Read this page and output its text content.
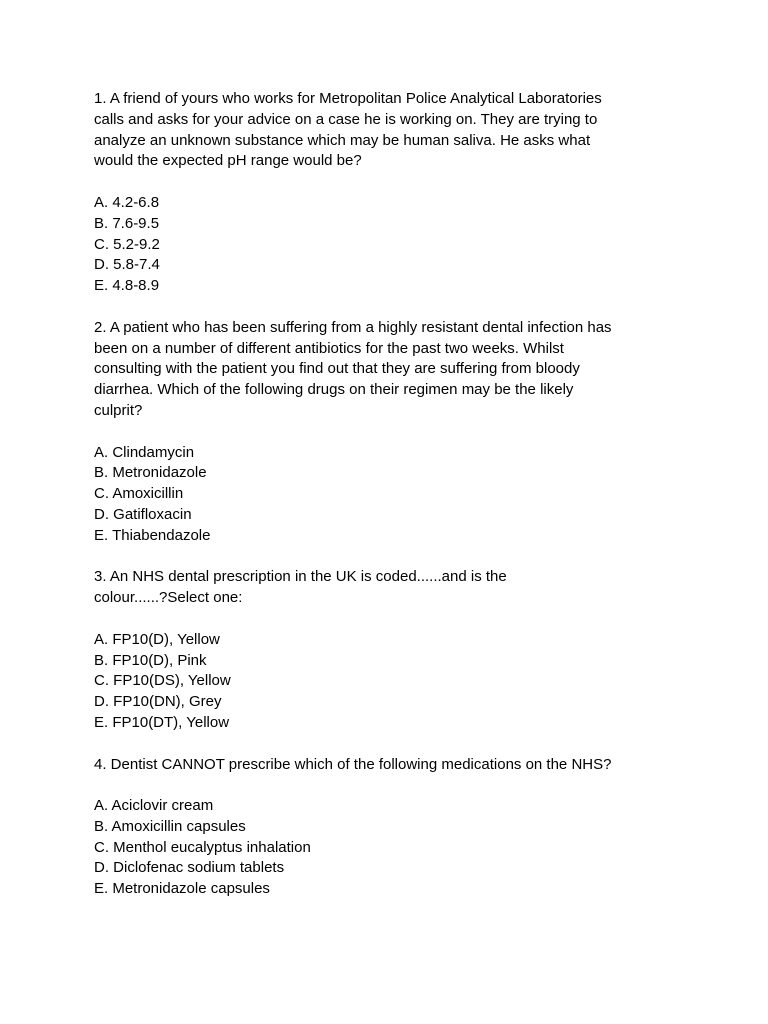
1. A friend of yours who works for Metropolitan Police Analytical Laboratories
calls and asks for your advice on a case he is working on. They are trying to
analyze an unknown substance which may be human saliva. He asks what
would the expected pH range would be?

A. 4.2-6.8
B. 7.6-9.5
C. 5.2-9.2
D. 5.8-7.4
E. 4.8-8.9

2. A patient who has been suffering from a highly resistant dental infection has
been on a number of different antibiotics for the past two weeks. Whilst
consulting with the patient you find out that they are suffering from bloody
diarrhea. Which of the following drugs on their regimen may be the likely
culprit?

A. Clindamycin
B. Metronidazole
C. Amoxicillin
D. Gatifloxacin
E. Thiabendazole

3. An NHS dental prescription in the UK is coded......and is the
colour......?Select one:

A. FP10(D), Yellow
B. FP10(D), Pink
C. FP10(DS), Yellow
D. FP10(DN), Grey
E. FP10(DT), Yellow

4. Dentist CANNOT prescribe which of the following medications on the NHS?

A. Aciclovir cream
B. Amoxicillin capsules
C. Menthol eucalyptus inhalation
D. Diclofenac sodium tablets
E. Metronidazole capsules
